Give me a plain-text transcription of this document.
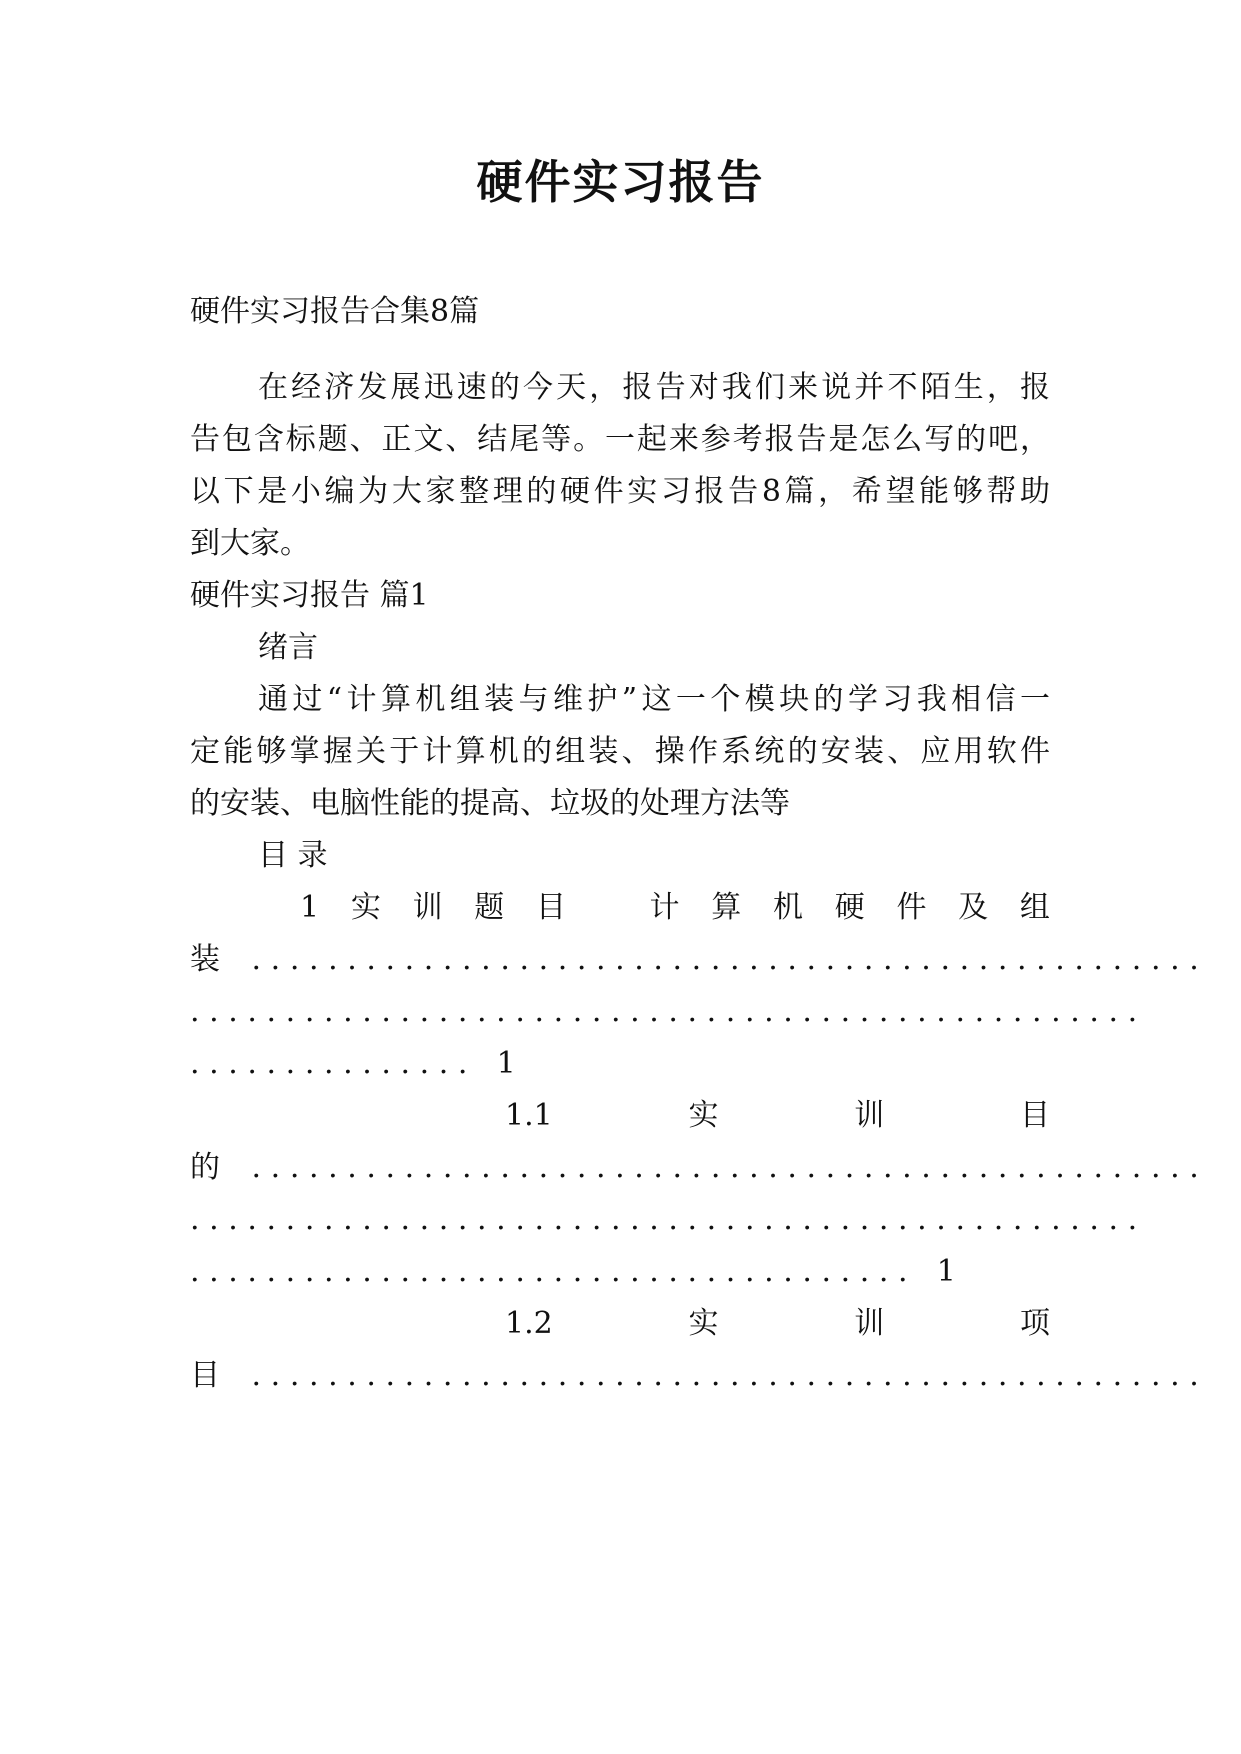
硬件实习报告
硬件实习报告合集8篇
在经济发展迅速的今天，报告对我们来说并不陌生，报
告包含标题、正文、结尾等。一起来参考报告是怎么写的吧，
以下是小编为大家整理的硬件实习报告8篇，希望能够帮助
到大家。
硬件实习报告 篇1
绪言
通过“计算机组装与维护”这一个模块的学习我相信一
定能够掌握关于计算机的组装、操作系统的安装、应用软件
的安装、电脑性能的提高、垃圾的处理方法等
目 录
1 实 训 题 目	计 算 机 硬 件 及 组
装 ..................................................
..................................................
............... 1
1.1	实	训	目
的 ..................................................
..................................................
...................................... 1
1.2	实	训	项
目 ..................................................
